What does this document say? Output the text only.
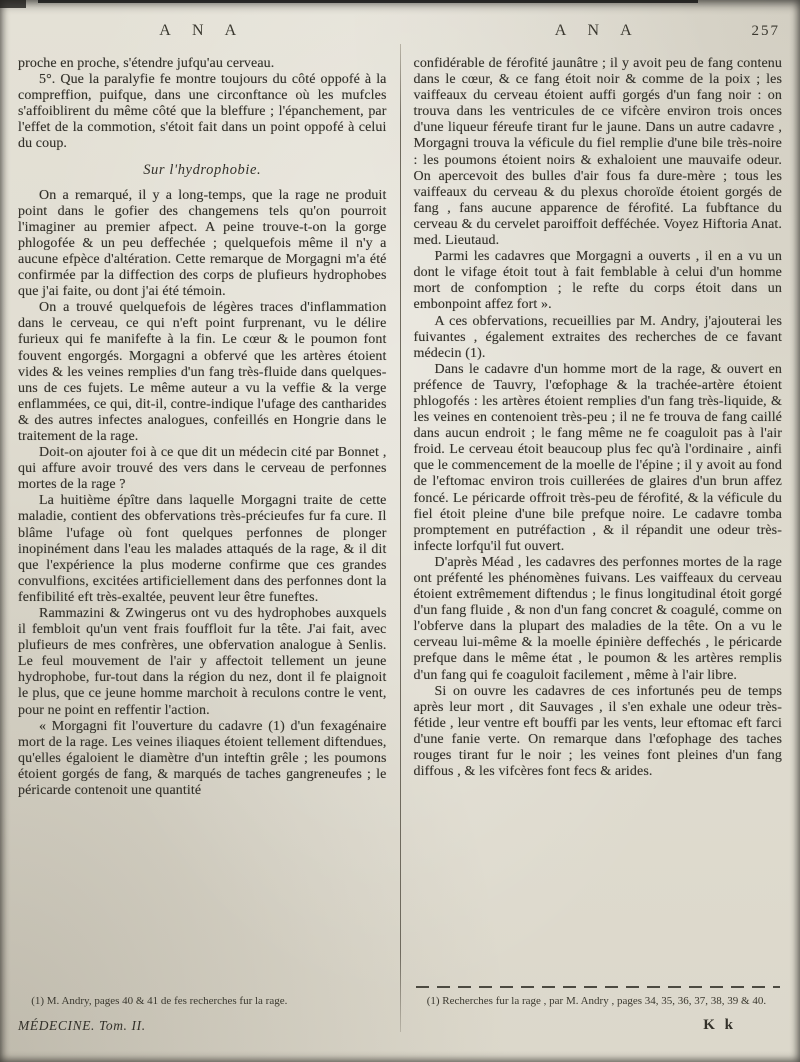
A N A

proche en proche, s'étendre jufqu'au cerveau.

5°. Que la paralyfie fe montre toujours du côté oppofé à la compreffion, puifque, dans une circonftance où les mufcles s'affoiblirent du même côté que la bleffure ; l'épanchement, par l'effet de la commotion, s'étoit fait dans un point oppofé à celui du coup.

Sur l'hydrophobie.

On a remarqué, il y a long-temps, que la rage ne produit point dans le gofier des changemens tels qu'on pourroit l'imaginer au premier afpect. A peine trouve-t-on la gorge phlogofée & un peu deffechée ; quelquefois même il n'y a aucune efpèce d'altération. Cette remarque de Morgagni m'a été confirmée par la diffection des corps de plufieurs hydrophobes que j'ai faite, ou dont j'ai été témoin.

On a trouvé quelquefois de légères traces d'inflammation dans le cerveau, ce qui n'eft point furprenant, vu le délire furieux qui fe manifefte à la fin. Le cœur & le poumon font fouvent engorgés. Morgagni a obfervé que les artères étoient vides & les veines remplies d'un fang très-fluide dans quelques-uns de ces fujets. Le même auteur a vu la veffie & la verge enflammées, ce qui, dit-il, contre-indique l'ufage des cantharides & des autres infectes analogues, confeillés en Hongrie dans le traitement de la rage.

Doit-on ajouter foi à ce que dit un médecin cité par Bonnet , qui affure avoir trouvé des vers dans le cerveau de perfonnes mortes de la rage ?

La huitième épître dans laquelle Morgagni traite de cette maladie, contient des obfervations très-précieufes fur fa cure. Il blâme l'ufage où font quelques perfonnes de plonger inopinément dans l'eau les malades attaqués de la rage, & il dit que l'expérience la plus moderne confirme que ces grandes convulfions, excitées artificiellement dans des perfonnes dont la fenfibilité eft très-exaltée, peuvent leur être funeftes.

Rammazini & Zwingerus ont vu des hydrophobes auxquels il fembloit qu'un vent frais fouffloit fur la tête. J'ai fait, avec plufieurs de mes confrères, une obfervation analogue à Senlis. Le feul mouvement de l'air y affectoit tellement un jeune hydrophobe, fur-tout dans la région du nez, dont il fe plaignoit le plus, que ce jeune homme marchoit à reculons contre le vent, pour ne point en reffentir l'action.

« Morgagni fit l'ouverture du cadavre (1) d'un fexagénaire mort de la rage. Les veines iliaques étoient tellement diftendues, qu'elles égaloient le diamètre d'un inteftin grêle ; les poumons étoient gorgés de fang, & marqués de taches gangreneufes ; le péricarde contenoit une quantité

(1) M. Andry, pages 40 & 41 de fes recherches fur la rage.
MÉDECINE. Tom. II.
A N A	257

confidérable de férofité jaunâtre ; il y avoit peu de fang contenu dans le cœur, & ce fang étoit noir & comme de la poix ; les vaiffeaux du cerveau étoient auffi gorgés d'un fang noir : on trouva dans les ventricules de ce vifcère environ trois onces d'une liqueur féreufe tirant fur le jaune. Dans un autre cadavre , Morgagni trouva la véficule du fiel remplie d'une bile très-noire : les poumons étoient noirs & exhaloient une mauvaife odeur. On apercevoit des bulles d'air fous fa dure-mère ; tous les vaiffeaux du cerveau & du plexus choroïde étoient gorgés de fang , fans aucune apparence de férofité. La fubftance du cerveau & du cervelet paroiffoit defféchée. Voyez Hiftoria Anat. med. Lieutaud.

Parmi les cadavres que Morgagni a ouverts , il en a vu un dont le vifage étoit tout à fait femblable à celui d'un homme mort de confomption ; le refte du corps étoit dans un embonpoint affez fort ».

A ces obfervations, recueillies par M. Andry, j'ajouterai les fuivantes , également extraites des recherches de ce favant médecin (1).

Dans le cadavre d'un homme mort de la rage, & ouvert en préfence de Tauvry, l'œfophage & la trachée-artère étoient phlogofés : les artères étoient remplies d'un fang très-liquide, & les veines en contenoient très-peu ; il ne fe trouva de fang caillé dans aucun endroit ; le fang même ne fe coaguloit pas à l'air froid. Le cerveau étoit beaucoup plus fec qu'à l'ordinaire , ainfi que le commencement de la moelle de l'épine ; il y avoit au fond de l'eftomac environ trois cuillerées de glaires d'un brun affez foncé. Le péricarde offroit très-peu de férofité, & la véficule du fiel étoit pleine d'une bile prefque noire. Le cadavre tomba promptement en putréfaction , & il répandit une odeur très-infecte lorfqu'il fut ouvert.

D'après Méad , les cadavres des perfonnes mortes de la rage ont préfenté les phénomènes fuivans. Les vaiffeaux du cerveau étoient extrêmement diftendus ; le finus longitudinal étoit gorgé d'un fang fluide , & non d'un fang concret & coagulé, comme on l'obferve dans la plupart des maladies de la tête. On a vu le cerveau lui-même & la moelle épinière deffechés , le péricarde prefque dans le même état , le poumon & les artères remplis d'un fang qui fe coaguloit facilement , même à l'air libre.

Si on ouvre les cadavres de ces infortunés peu de temps après leur mort , dit Sauvages , il s'en exhale une odeur très-fétide , leur ventre eft bouffi par les vents, leur eftomac eft farci d'une fanie verte. On remarque dans l'œfophage des taches rouges tirant fur le noir ; les veines font pleines d'un fang diffous , & les vifcères font fecs & arides.

(1) Recherches fur la rage , par M. Andry , pages 34, 35, 36, 37, 38, 39 & 40.
K k
